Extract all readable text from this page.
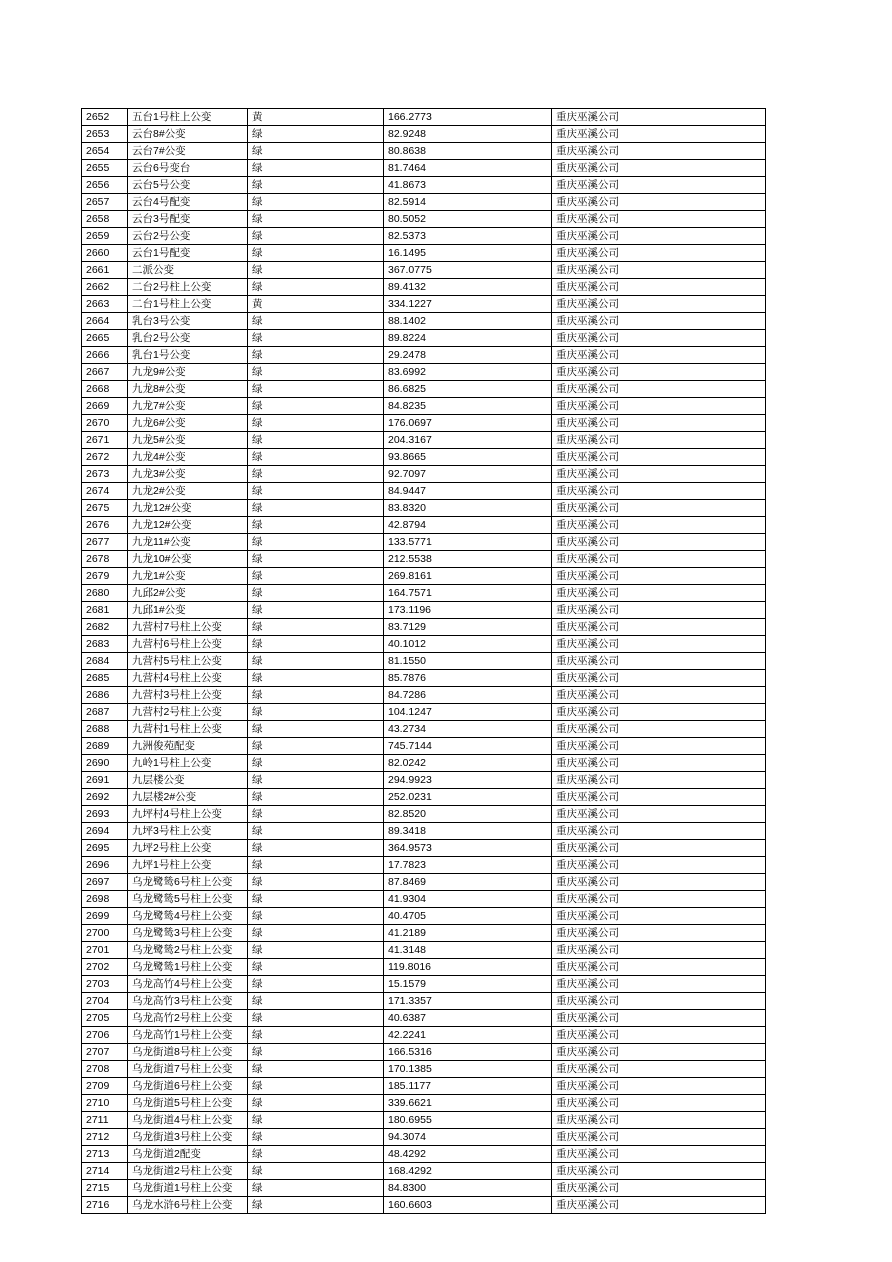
2652	五台1号柱上公变	黄	166.2773	重庆巫溪公司
2653	云台8#公变	绿	82.9248	重庆巫溪公司
2654	云台7#公变	绿	80.8638	重庆巫溪公司
2655	云台6号变台	绿	81.7464	重庆巫溪公司
2656	云台5号公变	绿	41.8673	重庆巫溪公司
2657	云台4号配变	绿	82.5914	重庆巫溪公司
2658	云台3号配变	绿	80.5052	重庆巫溪公司
2659	云台2号公变	绿	82.5373	重庆巫溪公司
2660	云台1号配变	绿	16.1495	重庆巫溪公司
2661	二派公变	绿	367.0775	重庆巫溪公司
2662	二台2号柱上公变	绿	89.4132	重庆巫溪公司
2663	二台1号柱上公变	黄	334.1227	重庆巫溪公司
2664	乳台3号公变	绿	88.1402	重庆巫溪公司
2665	乳台2号公变	绿	89.8224	重庆巫溪公司
2666	乳台1号公变	绿	29.2478	重庆巫溪公司
2667	九龙9#公变	绿	83.6992	重庆巫溪公司
2668	九龙8#公变	绿	86.6825	重庆巫溪公司
2669	九龙7#公变	绿	84.8235	重庆巫溪公司
2670	九龙6#公变	绿	176.0697	重庆巫溪公司
2671	九龙5#公变	绿	204.3167	重庆巫溪公司
2672	九龙4#公变	绿	93.8665	重庆巫溪公司
2673	九龙3#公变	绿	92.7097	重庆巫溪公司
2674	九龙2#公变	绿	84.9447	重庆巫溪公司
2675	九龙12#公变	绿	83.8320	重庆巫溪公司
2676	九龙12#公变	绿	42.8794	重庆巫溪公司
2677	九龙11#公变	绿	133.5771	重庆巫溪公司
2678	九龙10#公变	绿	212.5538	重庆巫溪公司
2679	九龙1#公变	绿	269.8161	重庆巫溪公司
2680	九邱2#公变	绿	164.7571	重庆巫溪公司
2681	九邱1#公变	绿	173.1196	重庆巫溪公司
2682	九营村7号柱上公变	绿	83.7129	重庆巫溪公司
2683	九营村6号柱上公变	绿	40.1012	重庆巫溪公司
2684	九营村5号柱上公变	绿	81.1550	重庆巫溪公司
2685	九营村4号柱上公变	绿	85.7876	重庆巫溪公司
2686	九营村3号柱上公变	绿	84.7286	重庆巫溪公司
2687	九营村2号柱上公变	绿	104.1247	重庆巫溪公司
2688	九营村1号柱上公变	绿	43.2734	重庆巫溪公司
2689	九洲俊苑配变	绿	745.7144	重庆巫溪公司
2690	九岭1号柱上公变	绿	82.0242	重庆巫溪公司
2691	九层楼公变	绿	294.9923	重庆巫溪公司
2692	九层楼2#公变	绿	252.0231	重庆巫溪公司
2693	九坪村4号柱上公变	绿	82.8520	重庆巫溪公司
2694	九坪3号柱上公变	绿	89.3418	重庆巫溪公司
2695	九坪2号柱上公变	绿	364.9573	重庆巫溪公司
2696	九坪1号柱上公变	绿	17.7823	重庆巫溪公司
2697	乌龙鹭鸶6号柱上公变	绿	87.8469	重庆巫溪公司
2698	乌龙鹭鸶5号柱上公变	绿	41.9304	重庆巫溪公司
2699	乌龙鹭鸶4号柱上公变	绿	40.4705	重庆巫溪公司
2700	乌龙鹭鸶3号柱上公变	绿	41.2189	重庆巫溪公司
2701	乌龙鹭鸶2号柱上公变	绿	41.3148	重庆巫溪公司
2702	乌龙鹭鸶1号柱上公变	绿	119.8016	重庆巫溪公司
2703	乌龙高竹4号柱上公变	绿	15.1579	重庆巫溪公司
2704	乌龙高竹3号柱上公变	绿	171.3357	重庆巫溪公司
2705	乌龙高竹2号柱上公变	绿	40.6387	重庆巫溪公司
2706	乌龙高竹1号柱上公变	绿	42.2241	重庆巫溪公司
2707	乌龙街道8号柱上公变	绿	166.5316	重庆巫溪公司
2708	乌龙街道7号柱上公变	绿	170.1385	重庆巫溪公司
2709	乌龙街道6号柱上公变	绿	185.1177	重庆巫溪公司
2710	乌龙街道5号柱上公变	绿	339.6621	重庆巫溪公司
2711	乌龙街道4号柱上公变	绿	180.6955	重庆巫溪公司
2712	乌龙街道3号柱上公变	绿	94.3074	重庆巫溪公司
2713	乌龙街道2配变	绿	48.4292	重庆巫溪公司
2714	乌龙街道2号柱上公变	绿	168.4292	重庆巫溪公司
2715	乌龙街道1号柱上公变	绿	84.8300	重庆巫溪公司
2716	乌龙水浒6号柱上公变	绿	160.6603	重庆巫溪公司
